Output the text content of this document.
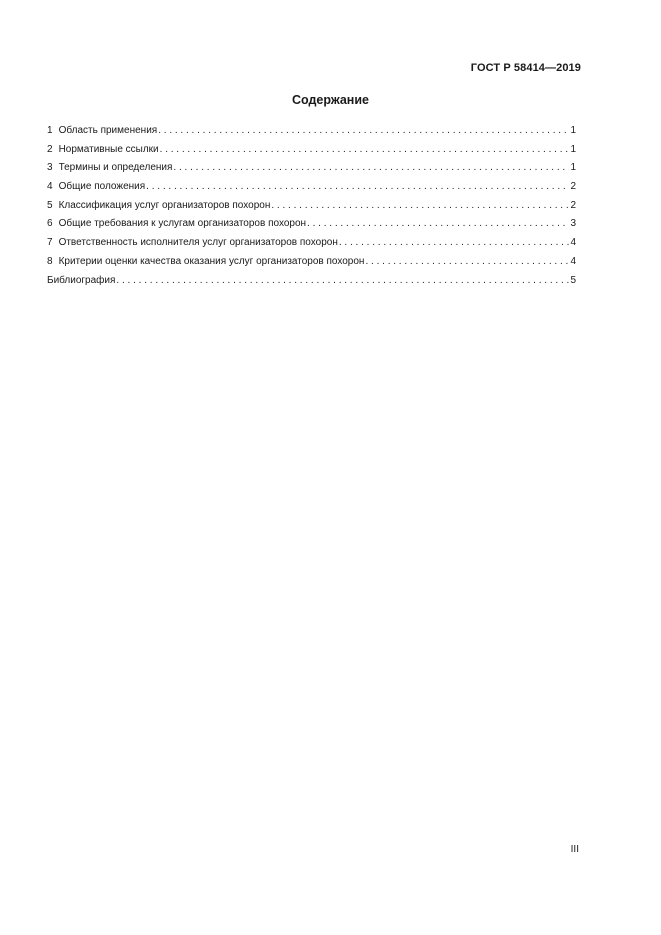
ГОСТ Р 58414—2019
Содержание
1 Область применения . . .	1
2 Нормативные ссылки . . .	1
3 Термины и определения . . .	1
4 Общие положения . . .	2
5 Классификация услуг организаторов похорон . . .	2
6 Общие требования к услугам организаторов похорон . . .	3
7 Ответственность исполнителя услуг организаторов похорон . . .	4
8 Критерии оценки качества оказания услуг организаторов похорон . . .	4
Библиография . . .	5
III
